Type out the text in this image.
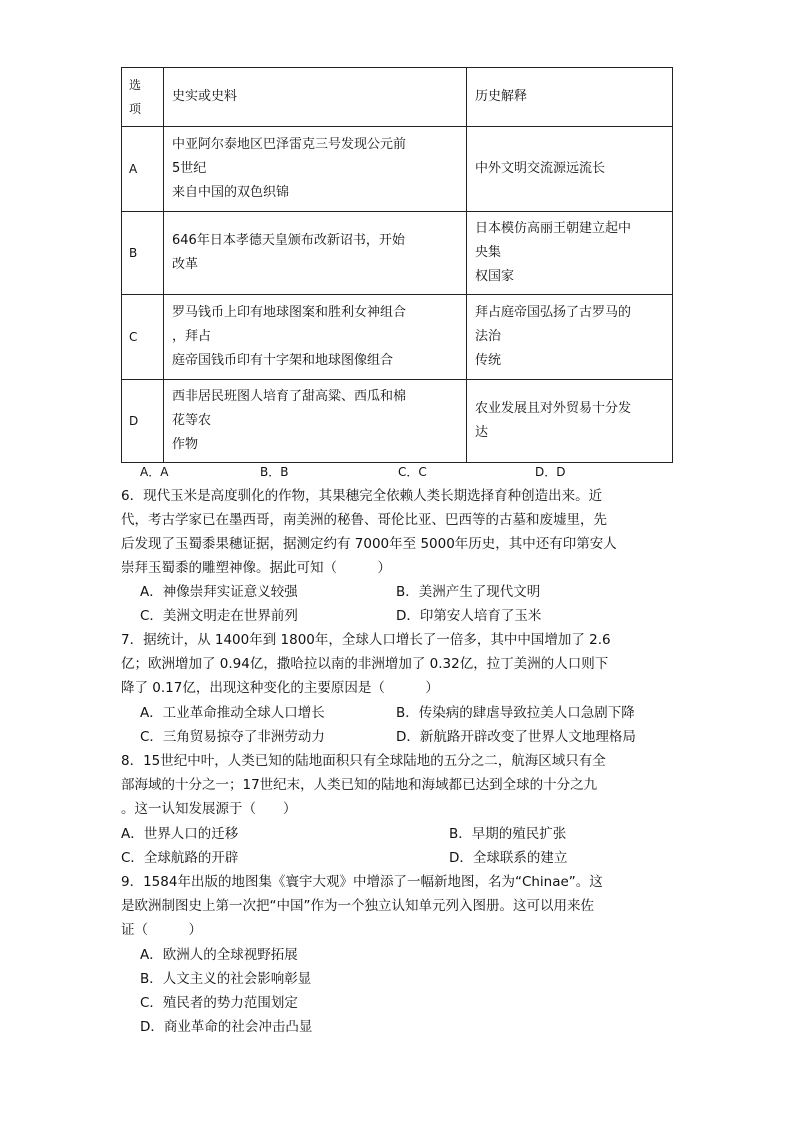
选
项	史实或史料	历史解释
A	中亚阿尔泰地区巴泽雷克三号发现公元前
5世纪
来自中国的双色织锦	中外文明交流源远流长

B	646年日本孝德天皇颁布改新诏书，开始
改革	日本模仿高丽王朝建立起中
央集
权国家

C	罗马钱币上印有地球图案和胜利女神组合
，拜占
庭帝国钱币印有十字架和地球图像组合	拜占庭帝国弘扬了古罗马的
法治
传统

D	西非居民班图人培育了甜高粱、西瓜和棉
花等农
作物	农业发展且对外贸易十分发
达
A．A	B．B	C．C	D．D
6．现代玉米是高度驯化的作物，其果穗完全依赖人类长期选择育种创造出来。近
代，考古学家已在墨西哥，南美洲的秘鲁、哥伦比亚、巴西等的古墓和废墟里，先
后发现了玉蜀黍果穗证据，据测定约有 7000年至 5000年历史，其中还有印第安人
崇拜玉蜀黍的雕塑神像。据此可知（　　　）
A．神像崇拜实证意义较强	B．美洲产生了现代文明
C．美洲文明走在世界前列	D．印第安人培育了玉米
7．据统计，从 1400年到 1800年，全球人口增长了一倍多，其中中国增加了 2.6
亿；欧洲增加了 0.94亿，撒哈拉以南的非洲增加了 0.32亿，拉丁美洲的人口则下
降了 0.17亿，出现这种变化的主要原因是（　　　）
A．工业革命推动全球人口增长	B．传染病的肆虐导致拉美人口急剧下降
C．三角贸易掠夺了非洲劳动力	D．新航路开辟改变了世界人文地理格局
8．15世纪中叶，人类已知的陆地面积只有全球陆地的五分之二，航海区域只有全
部海域的十分之一；17世纪末，人类已知的陆地和海域都已达到全球的十分之九
。这一认知发展源于（　　）
A．世界人口的迁移	B．早期的殖民扩张
C．全球航路的开辟	D．全球联系的建立
9．1584年出版的地图集《寰宇大观》中增添了一幅新地图，名为“Chinae”。这
是欧洲制图史上第一次把“中国”作为一个独立认知单元列入图册。这可以用来佐
证（　　　）
A．欧洲人的全球视野拓展
B．人文主义的社会影响彰显
C．殖民者的势力范围划定
D．商业革命的社会冲击凸显
